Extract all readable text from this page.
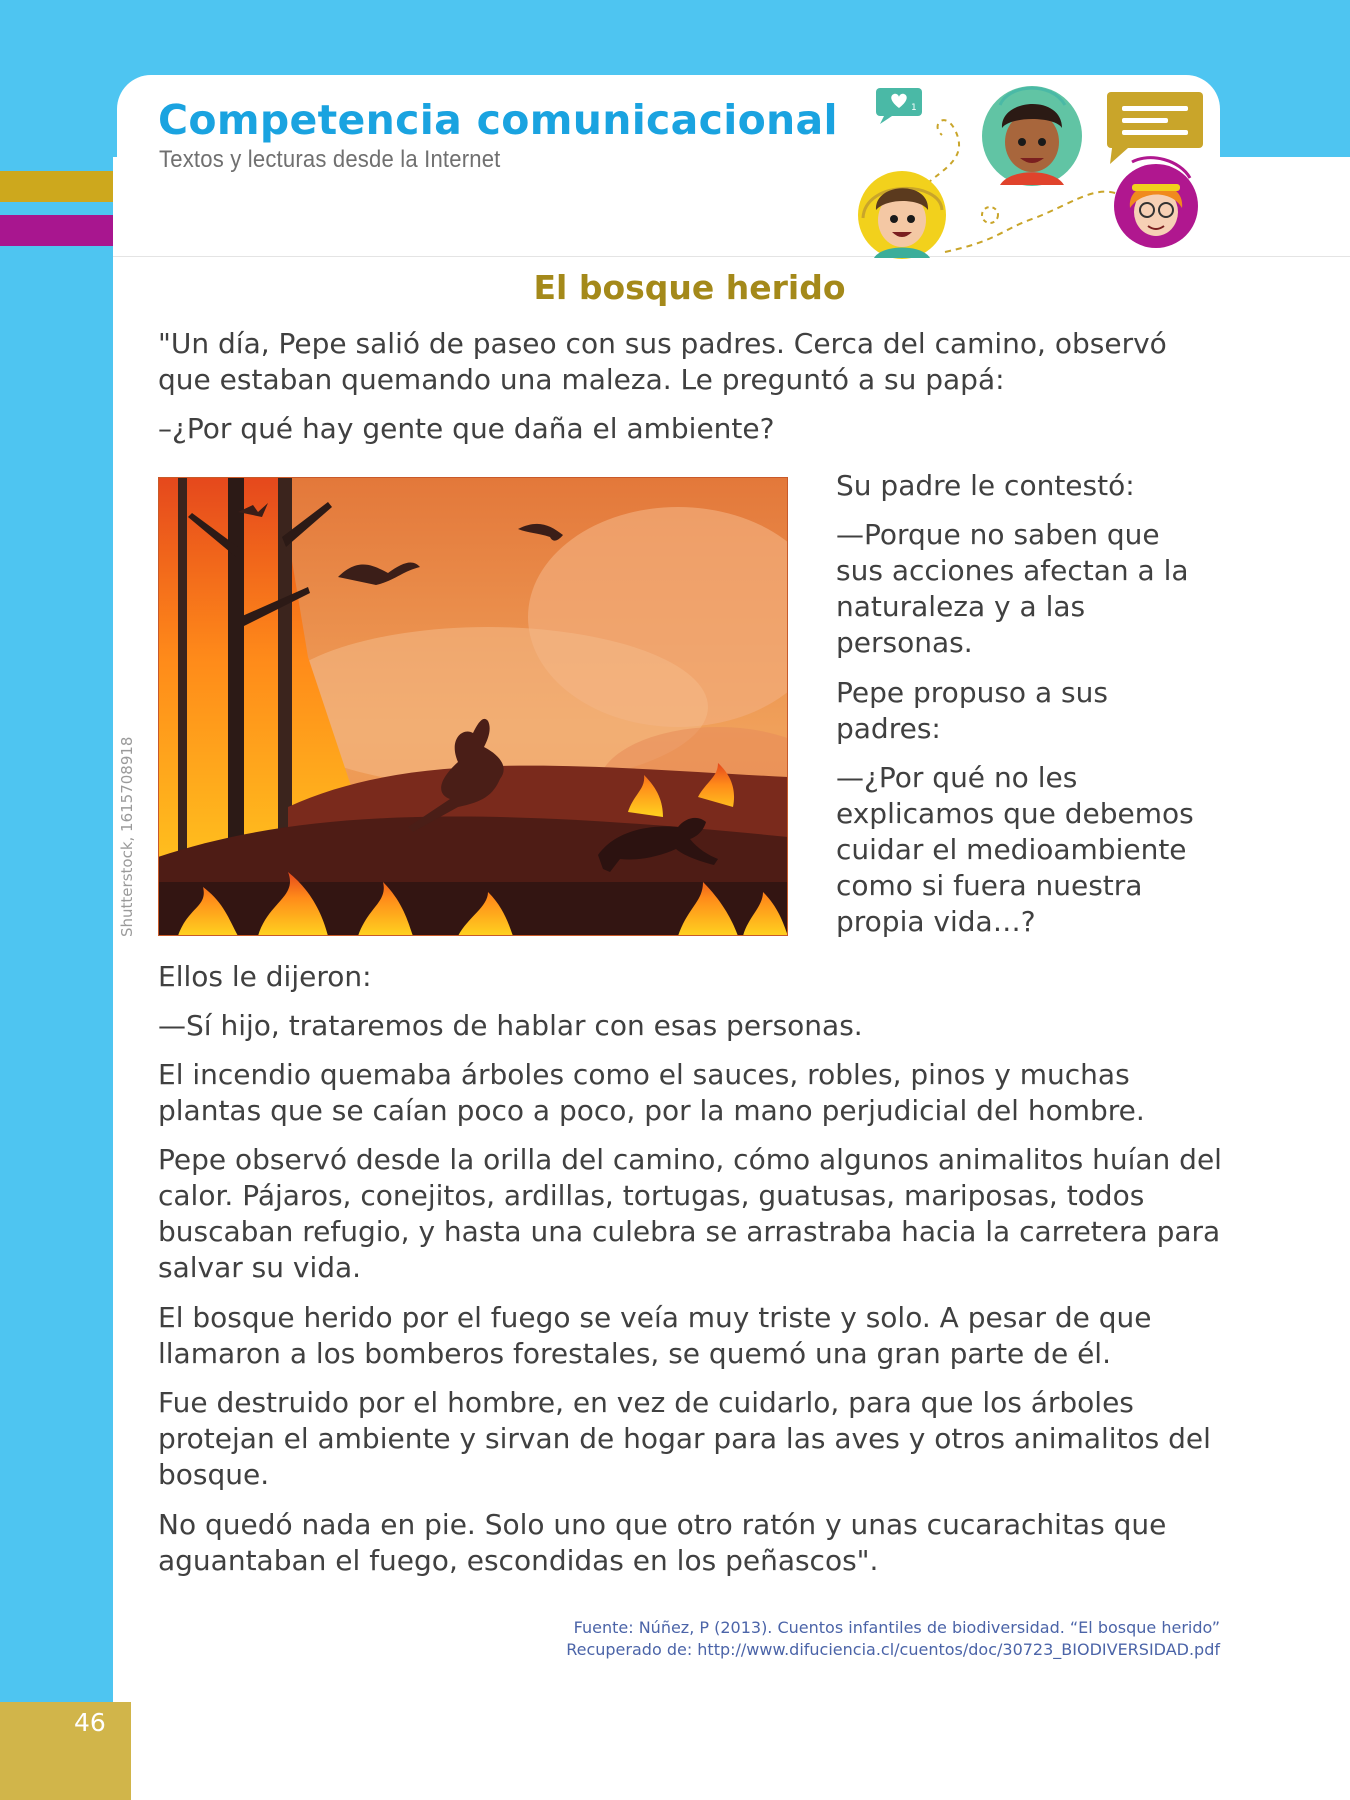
Competencia comunicacional

Textos y lecturas desde la Internet

1
El bosque herido

"Un día, Pepe salió de paseo con sus padres. Cerca del camino, observó que estaban quemando una maleza. Le preguntó a su papá:

–¿Por qué hay gente que daña el ambiente?

Shutterstock, 1615708918

Su padre le contestó:

—Porque no saben que sus acciones afectan a la naturaleza y a las personas.

Pepe propuso a sus padres:

—¿Por qué no les explicamos que debemos cuidar el medioambiente como si fuera nuestra propia vida…?

Ellos le dijeron:

—Sí hijo, trataremos de hablar con esas personas.

El incendio quemaba árboles como el sauces, robles, pinos y muchas plantas que se caían poco a poco, por la mano perjudicial del hombre.

Pepe observó desde la orilla del camino, cómo algunos animalitos huían del calor. Pájaros, conejitos, ardillas, tortugas, guatusas, mariposas, todos buscaban refugio, y hasta una culebra se arrastraba hacia la carretera para salvar su vida.

El bosque herido por el fuego se veía muy triste y solo. A pesar de que llamaron a los bomberos forestales, se quemó una gran parte de él.

Fue destruido por el hombre, en vez de cuidarlo, para que los árboles protejan el ambiente y sirvan de hogar para las aves y otros animalitos del bosque.

No quedó nada en pie. Solo uno que otro ratón y unas cucarachitas que aguantaban el fuego, escondidas en los peñascos".

Fuente: Núñez, P (2013). Cuentos infantiles de biodiversidad. “El bosque herido”

Recuperado de: http://www.difuciencia.cl/cuentos/doc/30723_BIODIVERSIDAD.pdf

46
